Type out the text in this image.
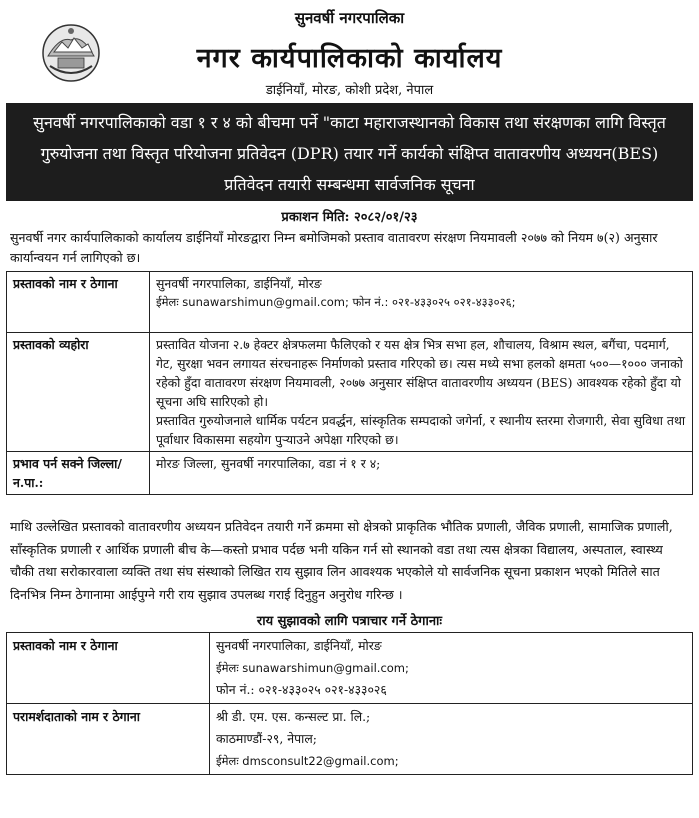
सुनवर्षी नगरपालिका
नगर कार्यपालिकाको कार्यालय
डाईनियाँ, मोरङ, कोशी प्रदेश, नेपाल
सुनवर्षी नगरपालिकाको वडा १ र ४ को बीचमा पर्ने "काटा महाराजस्थानको विकास तथा संरक्षणका लागि विस्तृत गुरुयोजना तथा विस्तृत परियोजना प्रतिवेदन (DPR) तयार गर्ने कार्यको संक्षिप्त वातावरणीय अध्ययन(BES) प्रतिवेदन तयारी सम्बन्धमा सार्वजनिक सूचना
प्रकाशन मिति: २०८२/०१/२३
सुनवर्षी नगर कार्यपालिकाको कार्यालय डाईनियाँ मोरङद्वारा निम्न बमोजिमको प्रस्ताव वातावरण संरक्षण नियमावली २०७७ को नियम ७(२) अनुसार कार्यान्वयन गर्न लागिएको छ।
प्रस्तावको नाम र ठेगाना	सुनवर्षी नगरपालिका, डाईनियाँ, मोरङ
ईमेलः sunawarshimun@gmail.com; फोन नं.: ०२१-४३३०२५ ०२१-४३३०२६;

प्रस्तावको व्यहोरा	प्रस्तावित योजना २.७ हेक्टर क्षेत्रफलमा फैलिएको र यस क्षेत्र भित्र सभा हल, शौचालय, विश्राम स्थल, बगैंचा, पदमार्ग, गेट, सुरक्षा भवन लगायत संरचनाहरू निर्माणको प्रस्ताव गरिएको छ। त्यस मध्ये सभा हलको क्षमता ५००—१००० जनाको रहेको हुँदा वातावरण संरक्षण नियमावली, २०७७ अनुसार संक्षिप्त वातावरणीय अध्ययन (BES) आवश्यक रहेको हुँदा यो सूचना अघि सारिएको हो।
प्रस्तावित गुरुयोजनाले धार्मिक पर्यटन प्रवर्द्धन, सांस्कृतिक सम्पदाको जगेर्ना, र स्थानीय स्तरमा रोजगारी, सेवा सुविधा तथा पूर्वाधार विकासमा सहयोग पुऱ्याउने अपेक्षा गरिएको छ।

प्रभाव पर्न सक्ने जिल्ला/ न.पा.:	मोरङ जिल्ला, सुनवर्षी नगरपालिका, वडा नं १ र ४;
माथि उल्लेखित प्रस्तावको वातावरणीय अध्ययन प्रतिवेदन तयारी गर्ने क्रममा सो क्षेत्रको प्राकृतिक भौतिक प्रणाली, जैविक प्रणाली, सामाजिक प्रणाली, साँस्कृतिक प्रणाली र आर्थिक प्रणाली बीच के—कस्तो प्रभाव पर्दछ भनी यकिन गर्न सो स्थानको वडा तथा त्यस क्षेत्रका विद्यालय, अस्पताल, स्वास्थ्य चौकी तथा सरोकारवाला व्यक्ति तथा संघ संस्थाको लिखित राय सुझाव लिन आवश्यक भएकोले यो सार्वजनिक सूचना प्रकाशन भएको मितिले सात दिनभित्र निम्न ठेगानामा आईपुग्ने गरी राय सुझाव उपलब्ध गराई दिनुहुन अनुरोध गरिन्छ ।
राय सुझावको लागि पत्राचार गर्ने ठेगानाः
प्रस्तावको नाम र ठेगाना	सुनवर्षी नगरपालिका, डाईनियाँ, मोरङ
ईमेलः sunawarshimun@gmail.com;
फोन नं.: ०२१-४३३०२५ ०२१-४३३०२६

परामर्शदाताको नाम र ठेगाना	श्री डी. एम. एस. कन्सल्ट प्रा. लि.;
काठमाण्डौं-२९, नेपाल;
ईमेलः dmsconsult22@gmail.com;
